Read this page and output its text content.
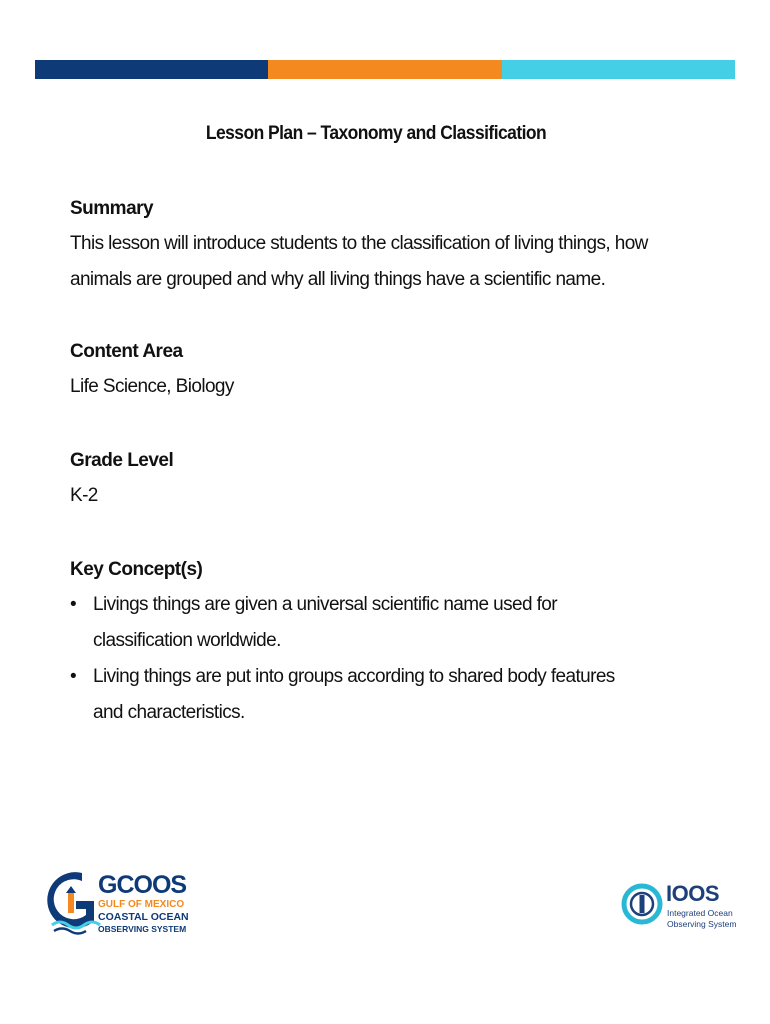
Lesson Plan – Taxonomy and Classification
Summary
This lesson will introduce students to the classification of living things, how animals are grouped and why all living things have a scientific name.
Content Area
Life Science, Biology
Grade Level
K-2
Key Concept(s)
• Livings things are given a universal scientific name used for classification worldwide.
• Living things are put into groups according to shared body features and characteristics.
GCOOS
GULF OF MEXICO
COASTAL OCEAN
OBSERVING SYSTEM
IOOS
Integrated Ocean
Observing System
